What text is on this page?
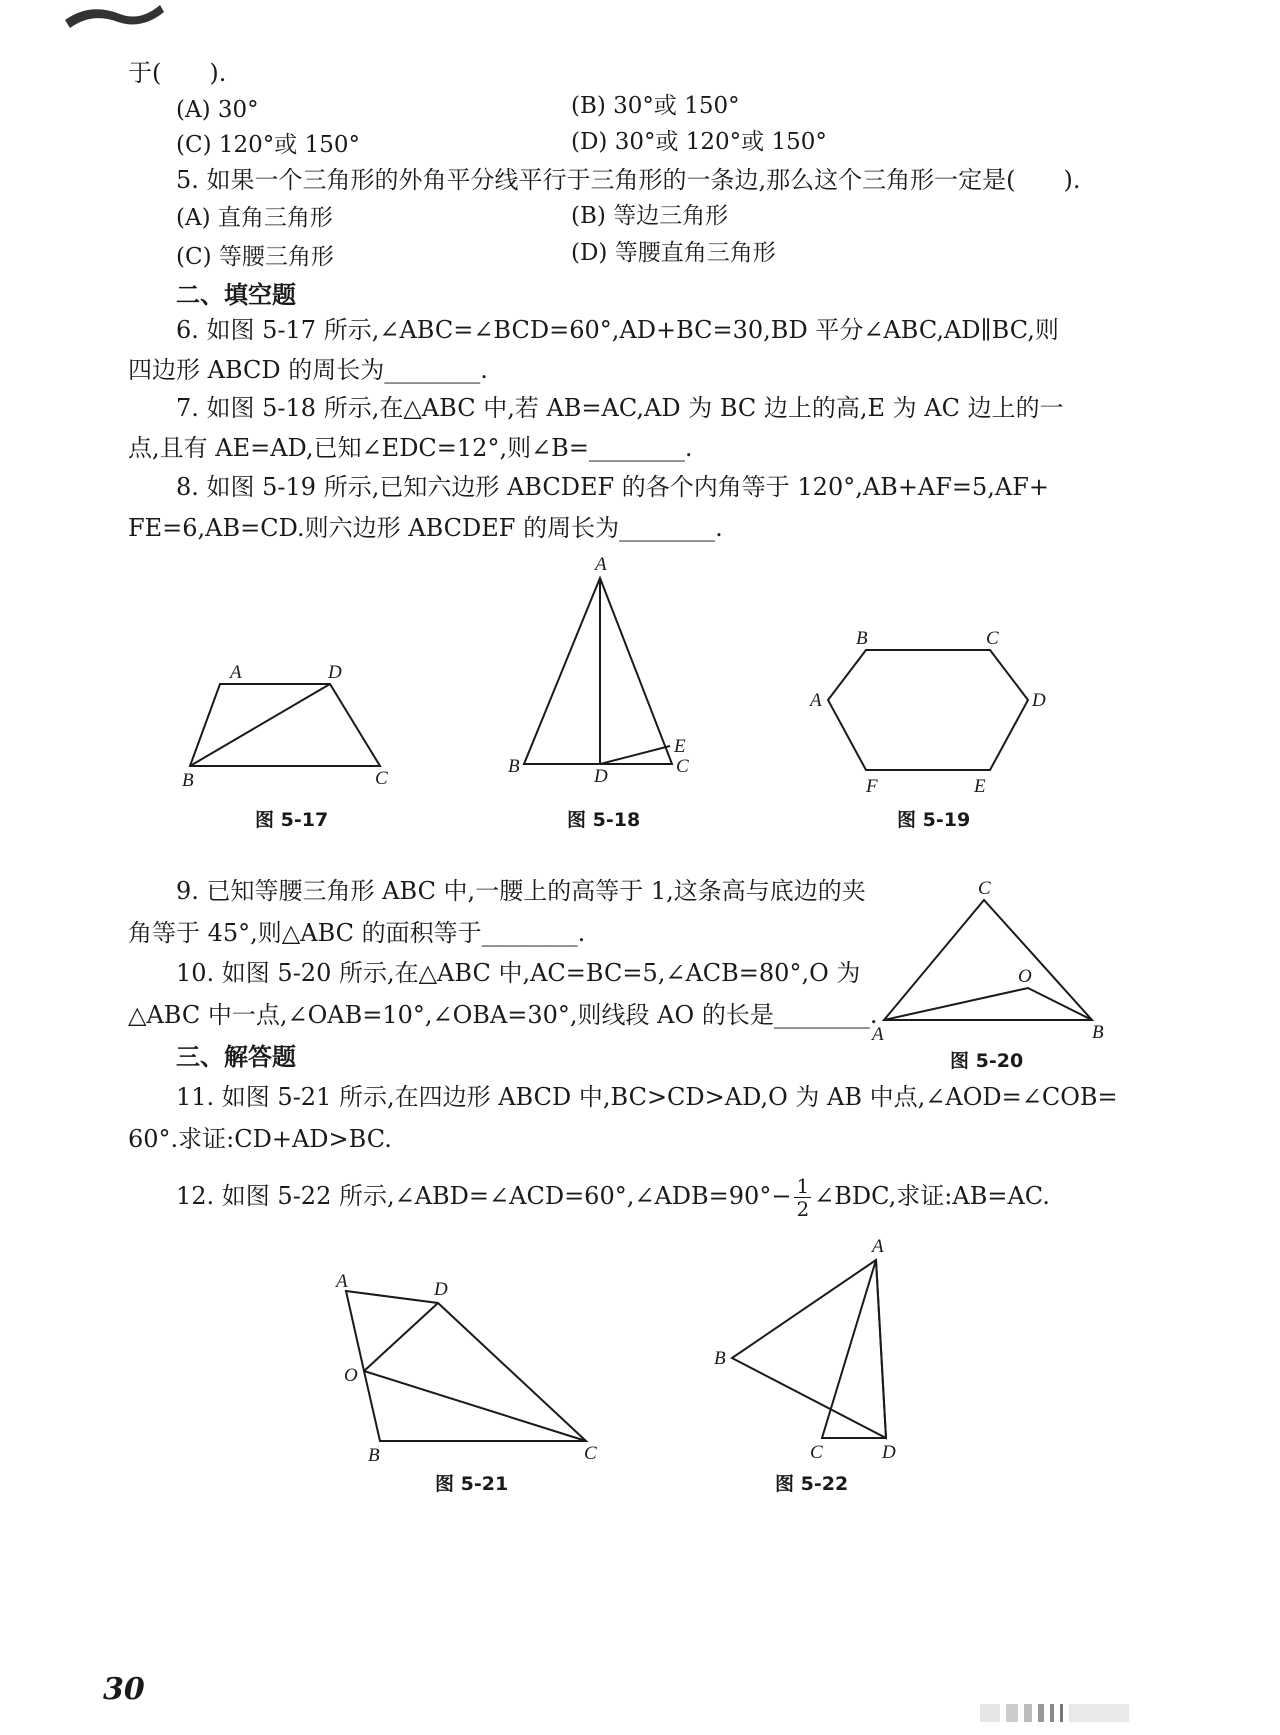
于(　　).
(A) 30°	(B) 30°或 150°
(C) 120°或 150°	(D) 30°或 120°或 150°
5. 如果一个三角形的外角平分线平行于三角形的一条边,那么这个三角形一定是(　　).
(A) 直角三角形	(B) 等边三角形
(C) 等腰三角形	(D) 等腰直角三角形
二、填空题
6. 如图 5-17 所示,∠ABC=∠BCD=60°,AD+BC=30,BD 平分∠ABC,AD∥BC,则
四边形 ABCD 的周长为________.
7. 如图 5-18 所示,在△ABC 中,若 AB=AC,AD 为 BC 边上的高,E 为 AC 边上的一
点,且有 AE=AD,已知∠EDC=12°,则∠B=________.
8. 如图 5-19 所示,已知六边形 ABCDEF 的各个内角等于 120°,AB+AF=5,AF+
FE=6,AB=CD.则六边形 ABCDEF 的周长为________.
A	D
B	C
图 5-17
A
B	D
E
C
图 5-18
B	C
A	D
F	E
图 5-19
9. 已知等腰三角形 ABC 中,一腰上的高等于 1,这条高与底边的夹
角等于 45°,则△ABC 的面积等于________.
10. 如图 5-20 所示,在△ABC 中,AC=BC=5,∠ACB=80°,O 为
△ABC 中一点,∠OAB=10°,∠OBA=30°,则线段 AO 的长是________.
C
O
A	B
图 5-20
三、解答题
11. 如图 5-21 所示,在四边形 ABCD 中,BC>CD>AD,O 为 AB 中点,∠AOD=∠COB=
60°.求证:CD+AD>BC.
12. 如图 5-22 所示,∠ABD=∠ACD=60°,∠ADB=90°− $\frac{1}{2}$ ∠BDC,求证:AB=AC.
A	D
O
B	C
图 5-21
A
B
C	D
图 5-22
30
